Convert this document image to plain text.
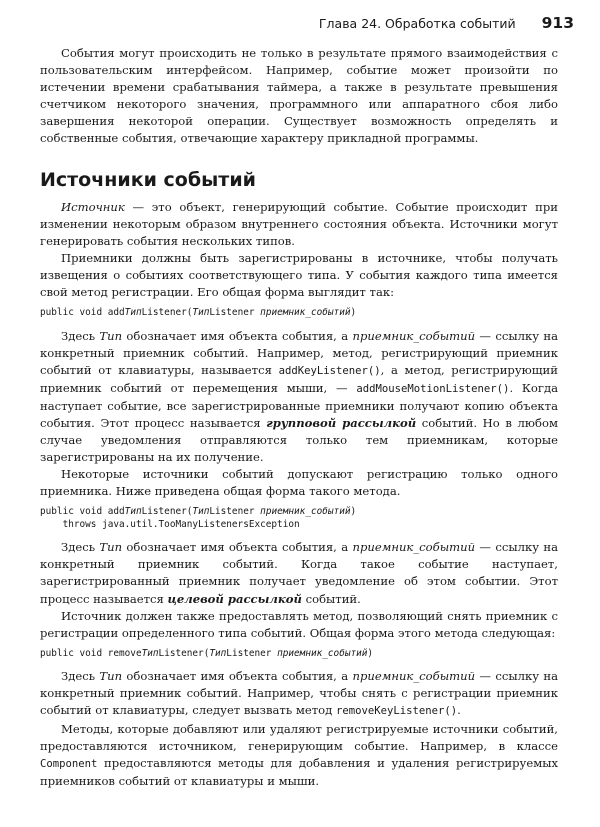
Глава 24. Обработка событий 913

События могут происходить не только в результате прямого взаимодействия с пользовательским интерфейсом. Например, событие может произойти по истечении времени срабатывания таймера, а также в результате превышения счетчиком некоторого значения, программного или аппаратного сбоя либо завершения некоторой операции. Существует возможность определять и собственные события, отвечающие характеру прикладной программы.

Источники событий

Источник — это объект, генерирующий событие. Событие происходит при изменении некоторым образом внутреннего состояния объекта. Источники могут генерировать события нескольких типов.

Приемники должны быть зарегистрированы в источнике, чтобы получать извещения о событиях соответствующего типа. У события каждого типа имеется свой метод регистрации. Его общая форма выглядит так:

public void addТипListener(ТипListener приемник_событий)

Здесь Тип обозначает имя объекта события, а приемник_событий — ссылку на конкретный приемник событий. Например, метод, регистрирующий приемник событий от клавиатуры, называется addKeyListener(), а метод, регистрирующий приемник событий от перемещения мыши, — addMouseMotionListener(). Когда наступает событие, все зарегистрированные приемники получают копию объекта события. Этот процесс называется групповой рассылкой событий. Но в любом случае уведомления отправляются только тем приемникам, которые зарегистрированы на их получение.

Некоторые источники событий допускают регистрацию только одного приемника. Ниже приведена общая форма такого метода.

public void addТипListener(ТипListener приемник_событий)
throws java.util.TooManyListenersException

Здесь Тип обозначает имя объекта события, а приемник_событий — ссылку на конкретный приемник событий. Когда такое событие наступает, зарегистрированный приемник получает уведомление об этом событии. Этот процесс называется целевой рассылкой событий.

Источник должен также предоставлять метод, позволяющий снять приемник с регистрации определенного типа событий. Общая форма этого метода следующая:

public void removeТипListener(ТипListener приемник_событий)

Здесь Тип обозначает имя объекта события, а приемник_событий — ссылку на конкретный приемник событий. Например, чтобы снять с регистрации приемник событий от клавиатуры, следует вызвать метод removeKeyListener().

Методы, которые добавляют или удаляют регистрируемые источники событий, предоставляются источником, генерирующим событие. Например, в классе Component предоставляются методы для добавления и удаления регистрируемых приемников событий от клавиатуры и мыши.
